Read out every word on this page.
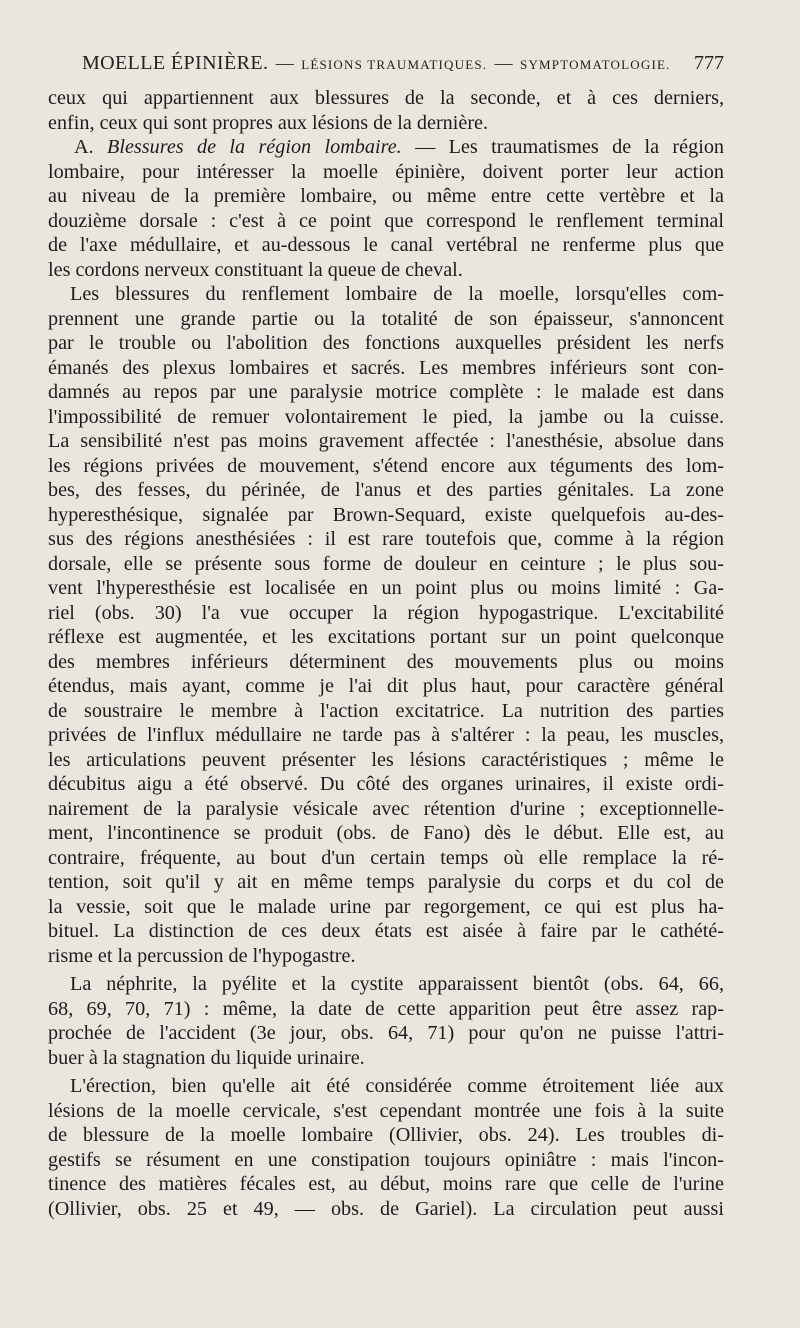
MOELLE ÉPINIÈRE. — LÉSIONS TRAUMATIQUES. — SYMPTOMATOLOGIE. 777
ceux qui appartiennent aux blessures de la seconde, et à ces derniers,
enfin, ceux qui sont propres aux lésions de la dernière.
A. Blessures de la région lombaire. — Les traumatismes de la région
lombaire, pour intéresser la moelle épinière, doivent porter leur action
au niveau de la première lombaire, ou même entre cette vertèbre et la
douzième dorsale : c'est à ce point que correspond le renflement terminal
de l'axe médullaire, et au-dessous le canal vertébral ne renferme plus que
les cordons nerveux constituant la queue de cheval.
Les blessures du renflement lombaire de la moelle, lorsqu'elles com-
prennent une grande partie ou la totalité de son épaisseur, s'annoncent
par le trouble ou l'abolition des fonctions auxquelles président les nerfs
émanés des plexus lombaires et sacrés. Les membres inférieurs sont con-
damnés au repos par une paralysie motrice complète : le malade est dans
l'impossibilité de remuer volontairement le pied, la jambe ou la cuisse.
La sensibilité n'est pas moins gravement affectée : l'anesthésie, absolue dans
les régions privées de mouvement, s'étend encore aux téguments des lom-
bes, des fesses, du périnée, de l'anus et des parties génitales. La zone
hyperesthésique, signalée par Brown-Sequard, existe quelquefois au-des-
sus des régions anesthésiées : il est rare toutefois que, comme à la région
dorsale, elle se présente sous forme de douleur en ceinture ; le plus sou-
vent l'hyperesthésie est localisée en un point plus ou moins limité : Ga-
riel (obs. 30) l'a vue occuper la région hypogastrique. L'excitabilité
réflexe est augmentée, et les excitations portant sur un point quelconque
des membres inférieurs déterminent des mouvements plus ou moins
étendus, mais ayant, comme je l'ai dit plus haut, pour caractère général
de soustraire le membre à l'action excitatrice. La nutrition des parties
privées de l'influx médullaire ne tarde pas à s'altérer : la peau, les muscles,
les articulations peuvent présenter les lésions caractéristiques ; même le
décubitus aigu a été observé. Du côté des organes urinaires, il existe ordi-
nairement de la paralysie vésicale avec rétention d'urine ; exceptionnelle-
ment, l'incontinence se produit (obs. de Fano) dès le début. Elle est, au
contraire, fréquente, au bout d'un certain temps où elle remplace la ré-
tention, soit qu'il y ait en même temps paralysie du corps et du col de
la vessie, soit que le malade urine par regorgement, ce qui est plus ha-
bituel. La distinction de ces deux états est aisée à faire par le cathété-
risme et la percussion de l'hypogastre.
La néphrite, la pyélite et la cystite apparaissent bientôt (obs. 64, 66,
68, 69, 70, 71) : même, la date de cette apparition peut être assez rap-
prochée de l'accident (3e jour, obs. 64, 71) pour qu'on ne puisse l'attri-
buer à la stagnation du liquide urinaire.
L'érection, bien qu'elle ait été considérée comme étroitement liée aux
lésions de la moelle cervicale, s'est cependant montrée une fois à la suite
de blessure de la moelle lombaire (Ollivier, obs. 24). Les troubles di-
gestifs se résument en une constipation toujours opiniâtre : mais l'incon-
tinence des matières fécales est, au début, moins rare que celle de l'urine
(Ollivier, obs. 25 et 49, — obs. de Gariel). La circulation peut aussi
